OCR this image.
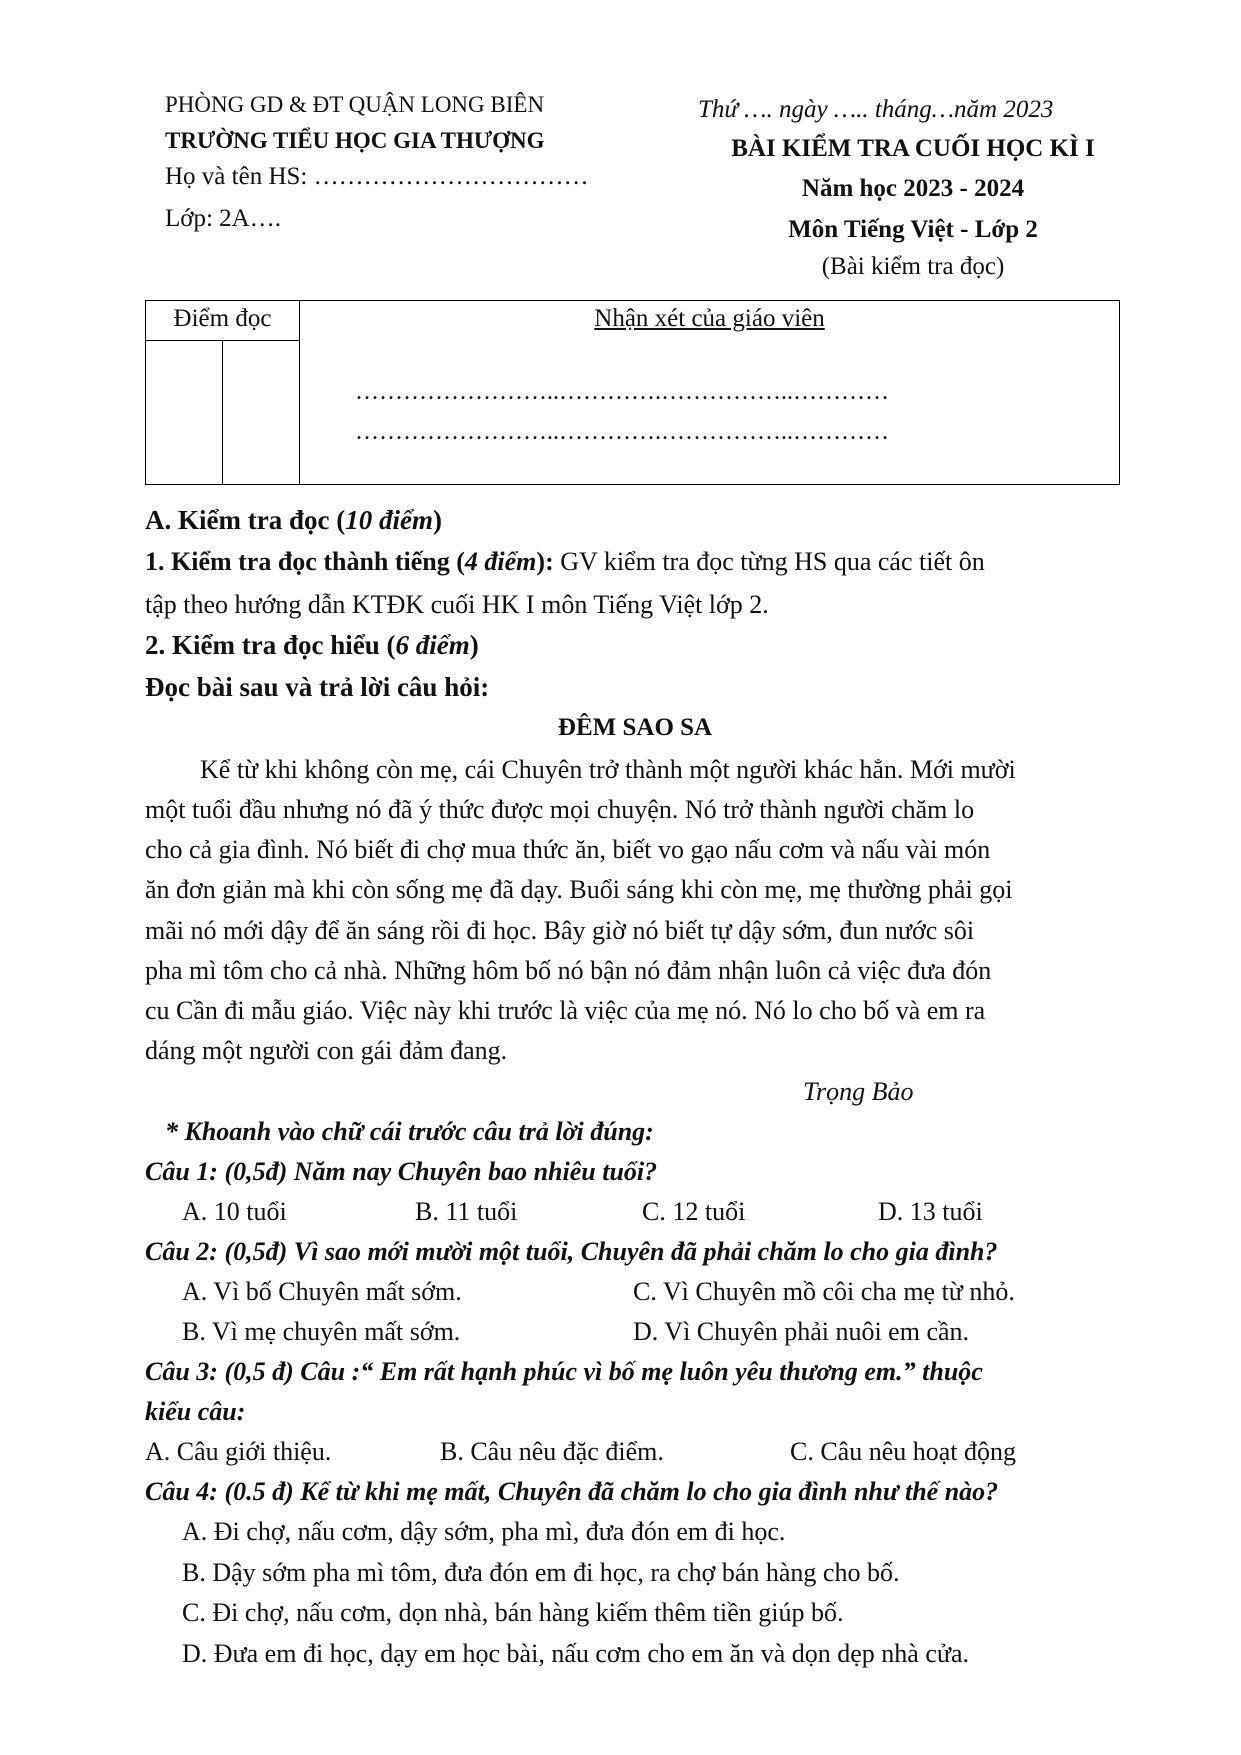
PHÒNG GD & ĐT QUẬN LONG BIÊN
TRƯỜNG TIỂU HỌC GIA THƯỢNG
Họ và tên HS: ……………………………
Lớp: 2A….
Thứ …. ngày ….. tháng…năm 2023
BÀI KIỂM TRA CUỐI HỌC KÌ I
Năm học 2023 - 2024
Môn Tiếng Việt - Lớp 2
(Bài kiểm tra đọc)
Điểm đọc		Nhận xét của giáo viên
……………………..………….……………..…………
……………………..………….……………..…………

A. Kiểm tra đọc (10 điểm)
1. Kiểm tra đọc thành tiếng (4 điểm): GV kiểm tra đọc từng HS qua các tiết ôn
tập theo hướng dẫn KTĐK cuối HK I môn Tiếng Việt lớp 2.
2. Kiểm tra đọc hiểu (6 điểm)
Đọc bài sau và trả lời câu hỏi:
ĐÊM SAO SA
Kể từ khi không còn mẹ, cái Chuyên trở thành một người khác hẳn. Mới mười
một tuổi đầu nhưng nó đã ý thức được mọi chuyện. Nó trở thành người chăm lo
cho cả gia đình. Nó biết đi chợ mua thức ăn, biết vo gạo nấu cơm và nấu vài món
ăn đơn giản mà khi còn sống mẹ đã dạy. Buổi sáng khi còn mẹ, mẹ thường phải gọi
mãi nó mới dậy để ăn sáng rồi đi học. Bây giờ nó biết tự dậy sớm, đun nước sôi
pha mì tôm cho cả nhà. Những hôm bố nó bận nó đảm nhận luôn cả việc đưa đón
cu Cần đi mẫu giáo. Việc này khi trước là việc của mẹ nó. Nó lo cho bố và em ra
dáng một người con gái đảm đang.
Trọng Bảo
* Khoanh vào chữ cái trước câu trả lời đúng:
Câu 1: (0,5đ) Năm nay Chuyên bao nhiêu tuổi?
A. 10 tuổi	B. 11 tuổi	C. 12 tuổi	D. 13 tuổi
Câu 2: (0,5đ) Vì sao mới mười một tuổi, Chuyên đã phải chăm lo cho gia đình?
A. Vì bố Chuyên mất sớm.	C. Vì Chuyên mồ côi cha mẹ từ nhỏ.
B. Vì mẹ chuyên mất sớm.	D. Vì Chuyên phải nuôi em cần.
Câu 3: (0,5 đ) Câu :“ Em rất hạnh phúc vì bố mẹ luôn yêu thương em.” thuộc
kiểu câu:
A. Câu giới thiệu.	B. Câu nêu đặc điểm.	C. Câu nêu hoạt động
Câu 4: (0.5 đ) Kể từ khi mẹ mất, Chuyên đã chăm lo cho gia đình như thế nào?
A. Đi chợ, nấu cơm, dậy sớm, pha mì, đưa đón em đi học.
B. Dậy sớm pha mì tôm, đưa đón em đi học, ra chợ bán hàng cho bố.
C. Đi chợ, nấu cơm, dọn nhà, bán hàng kiếm thêm tiền giúp bố.
D. Đưa em đi học, dạy em học bài, nấu cơm cho em ăn và dọn dẹp nhà cửa.
